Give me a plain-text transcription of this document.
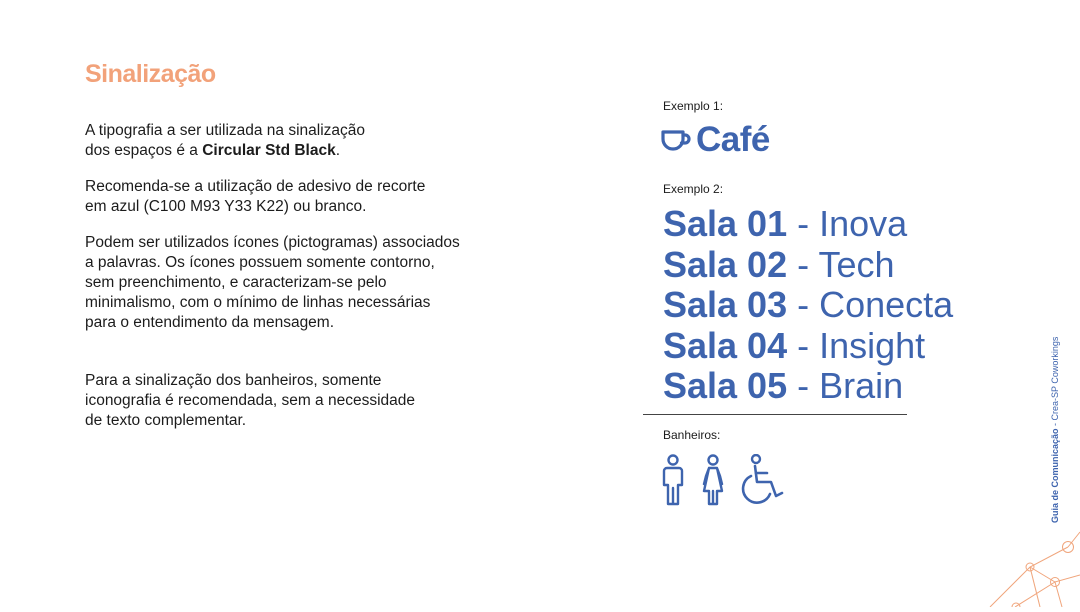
Sinalização
A tipografia a ser utilizada na sinalização
dos espaços é a Circular Std Black.
Recomenda-se a utilização de adesivo de recorte
em azul (C100 M93 Y33 K22) ou branco.
Podem ser utilizados ícones (pictogramas) associados
a palavras. Os ícones possuem somente contorno,
sem preenchimento, e caracterizam-se pelo
minimalismo, com o mínimo de linhas necessárias
para o entendimento da mensagem.
Para a sinalização dos banheiros, somente
iconografia é recomendada, sem a necessidade
de texto complementar.
Exemplo 1:
Café
Exemplo 2:
Sala 01 - Inova
Sala 02 - Tech
Sala 03 - Conecta
Sala 04 - Insight
Sala 05 - Brain
Banheiros:	Guia de Comunicação - Crea-SP Coworkings
